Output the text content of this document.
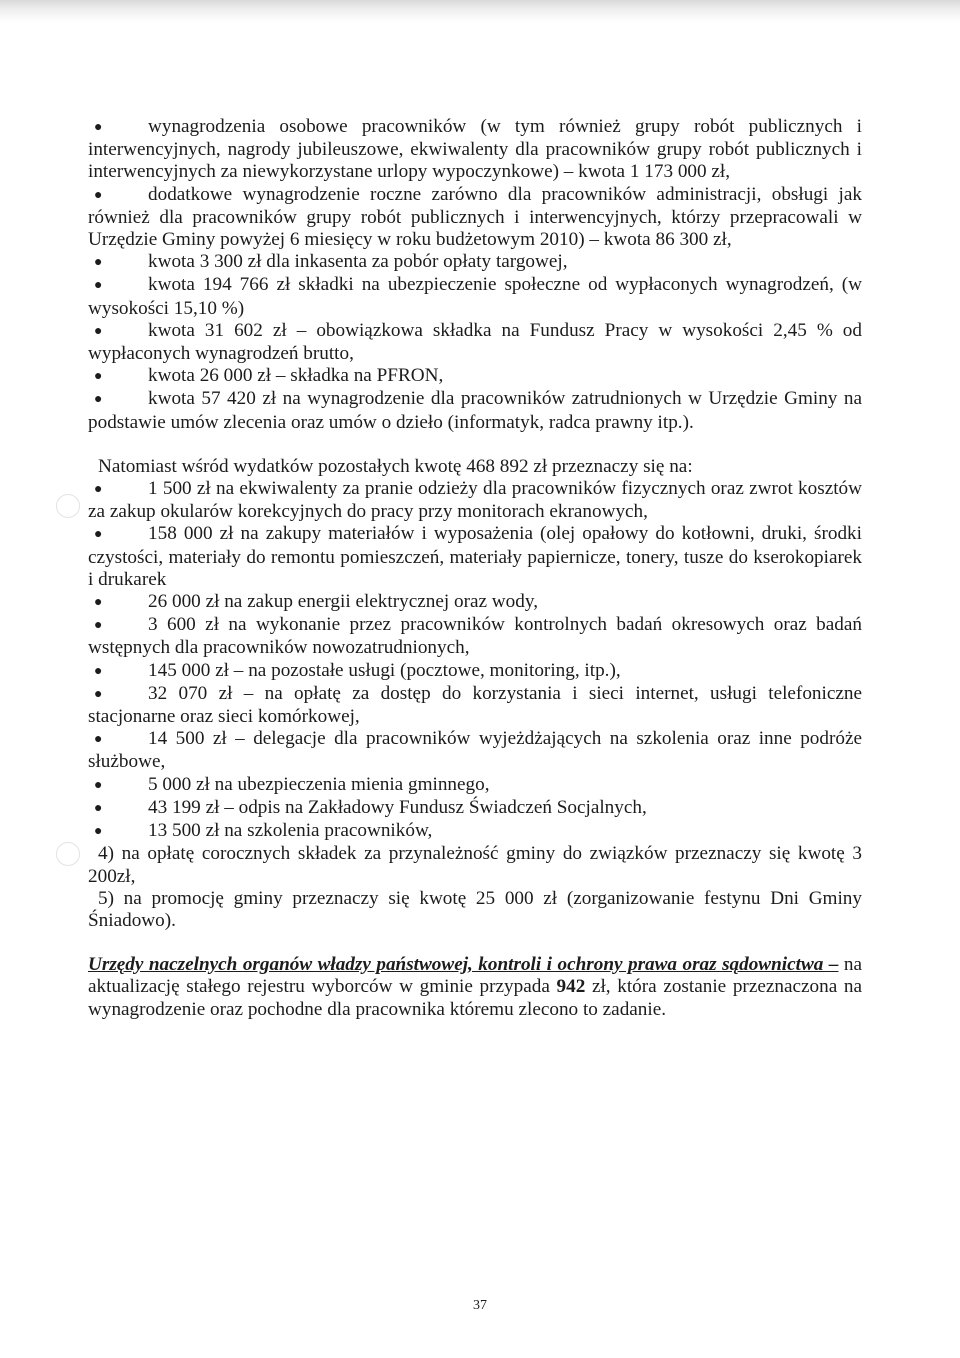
● wynagrodzenia osobowe pracowników (w tym również grupy robót publicznych i interwencyjnych, nagrody jubileuszowe, ekwiwalenty dla pracowników grupy robót publicznych i interwencyjnych za niewykorzystane urlopy wypoczynkowe) – kwota 1 173 000 zł,

● dodatkowe wynagrodzenie roczne zarówno dla pracowników administracji, obsługi jak również dla pracowników grupy robót publicznych i interwencyjnych, którzy przepracowali w Urzędzie Gminy powyżej 6 miesięcy w roku budżetowym 2010) – kwota 86 300 zł,

● kwota 3 300 zł dla inkasenta za pobór opłaty targowej,

● kwota 194 766 zł składki na ubezpieczenie społeczne od wypłaconych wynagrodzeń, (w wysokości 15,10 %)

● kwota 31 602 zł – obowiązkowa składka na Fundusz Pracy w wysokości 2,45 % od wypłaconych wynagrodzeń brutto,

● kwota 26 000 zł – składka na PFRON,

● kwota 57 420 zł na wynagrodzenie dla pracowników zatrudnionych w Urzędzie Gminy na podstawie umów zlecenia oraz umów o dzieło (informatyk, radca prawny itp.).

Natomiast wśród wydatków pozostałych kwotę 468 892 zł przeznaczy się na:

● 1 500 zł na ekwiwalenty za pranie odzieży dla pracowników fizycznych oraz zwrot kosztów za zakup okularów korekcyjnych do pracy przy monitorach ekranowych,

● 158 000 zł na zakupy materiałów i wyposażenia (olej opałowy do kotłowni, druki, środki czystości, materiały do remontu pomieszczeń, materiały papiernicze, tonery, tusze do kserokopiarek i drukarek

● 26 000 zł na zakup energii elektrycznej oraz wody,

● 3 600 zł na wykonanie przez pracowników kontrolnych badań okresowych oraz badań wstępnych dla pracowników nowozatrudnionych,

● 145 000 zł – na pozostałe usługi (pocztowe, monitoring, itp.),

● 32 070 zł – na opłatę za dostęp do korzystania i sieci internet, usługi telefoniczne stacjonarne oraz sieci komórkowej,

● 14 500 zł – delegacje dla pracowników wyjeżdżających na szkolenia oraz inne podróże służbowe,

● 5 000 zł na ubezpieczenia mienia gminnego,

● 43 199 zł – odpis na Zakładowy Fundusz Świadczeń Socjalnych,

● 13 500 zł na szkolenia pracowników,

4) na opłatę corocznych składek za przynależność gminy do związków przeznaczy się kwotę 3 200zł,

5) na promocję gminy przeznaczy się kwotę 25 000 zł (zorganizowanie festynu Dni Gminy Śniadowo).

Urzędy naczelnych organów władzy państwowej, kontroli i ochrony prawa oraz sądownictwa – na aktualizację stałego rejestru wyborców w gminie przypada 942 zł, która zostanie przeznaczona na wynagrodzenie oraz pochodne dla pracownika któremu zlecono to zadanie.

37
